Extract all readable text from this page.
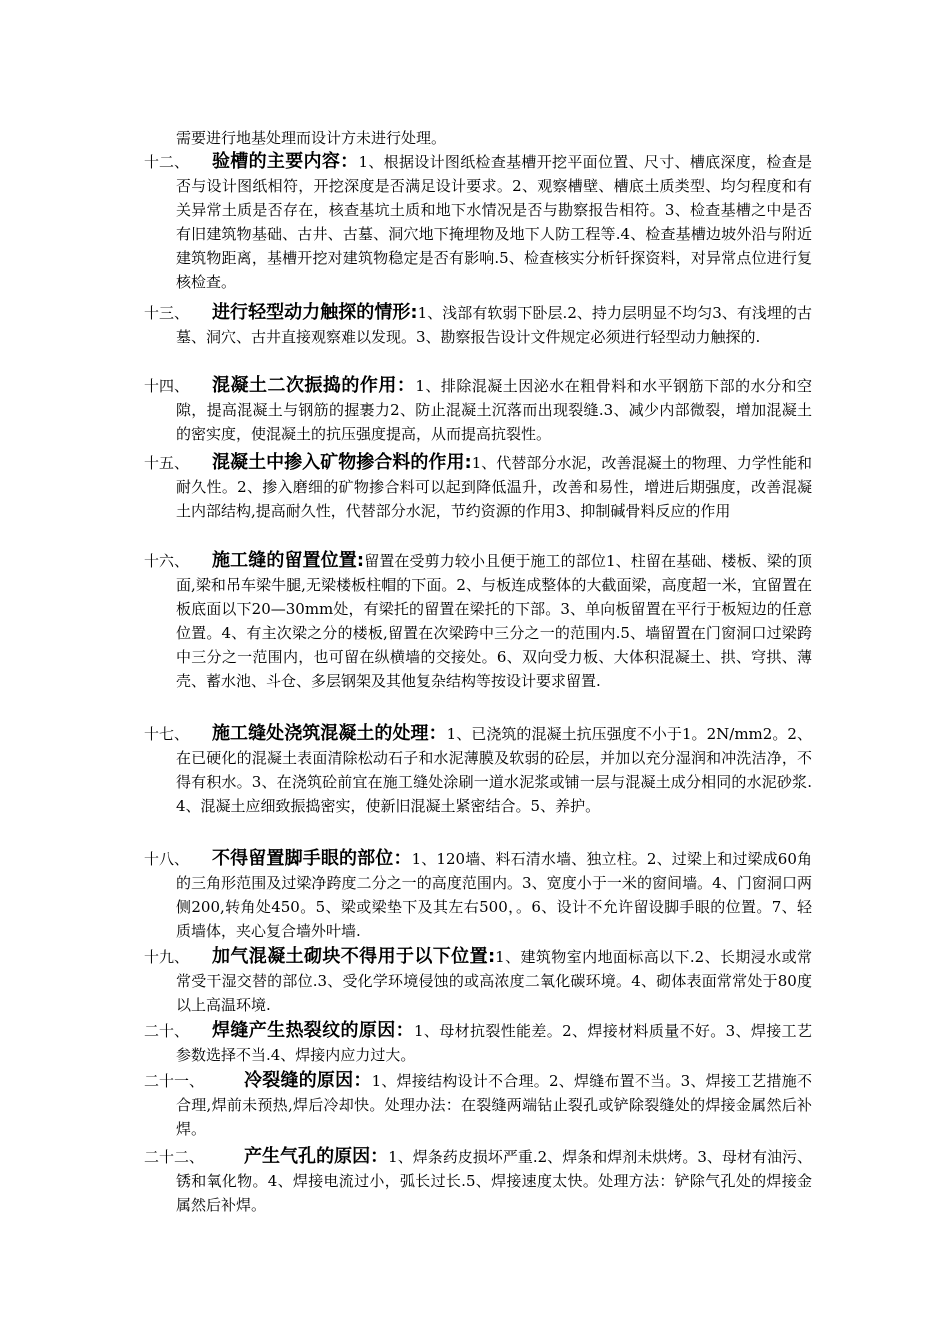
需要进行地基处理而设计方未进行处理。
十二、	验槽的主要内容：1、根据设计图纸检查基槽开挖平面位置、尺寸、槽底深度，检查是否与设计图纸相符，开挖深度是否满足设计要求。2、观察槽壁、槽底土质类型、均匀程度和有关异常土质是否存在，核查基坑土质和地下水情况是否与勘察报告相符。3、检查基槽之中是否有旧建筑物基础、古井、古墓、洞穴地下掩埋物及地下人防工程等.4、检查基槽边坡外沿与附近建筑物距离，基槽开挖对建筑物稳定是否有影响.5、检查核实分析钎探资料，对异常点位进行复核检查。
十三、	进行轻型动力触探的情形:1、浅部有软弱下卧层.2、持力层明显不均匀3、有浅埋的古墓、洞穴、古井直接观察难以发现。3、勘察报告设计文件规定必须进行轻型动力触探的.
十四、	混凝土二次振捣的作用：1、排除混凝土因泌水在粗骨料和水平钢筋下部的水分和空隙，提高混凝土与钢筋的握裹力2、防止混凝土沉落而出现裂缝.3、减少内部微裂，增加混凝土的密实度，使混凝土的抗压强度提高，从而提高抗裂性。
十五、	混凝土中掺入矿物掺合料的作用:1、代替部分水泥，改善混凝土的物理、力学性能和耐久性。2、掺入磨细的矿物掺合料可以起到降低温升，改善和易性，增进后期强度，改善混凝土内部结构,提高耐久性，代替部分水泥，节约资源的作用3、抑制碱骨料反应的作用
十六、	施工缝的留置位置:留置在受剪力较小且便于施工的部位1、柱留在基础、楼板、梁的顶面,梁和吊车梁牛腿,无梁楼板柱帽的下面。2、与板连成整体的大截面梁，高度超一米，宜留置在板底面以下20—30mm处，有梁托的留置在梁托的下部。3、单向板留置在平行于板短边的任意位置。4、有主次梁之分的楼板,留置在次梁跨中三分之一的范围内.5、墙留置在门窗洞口过梁跨中三分之一范围内，也可留在纵横墙的交接处。6、双向受力板、大体积混凝土、拱、穹拱、薄壳、蓄水池、斗仓、多层钢架及其他复杂结构等按设计要求留置.
十七、	施工缝处浇筑混凝土的处理：1、已浇筑的混凝土抗压强度不小于1。2N/mm2。2、在已硬化的混凝土表面清除松动石子和水泥薄膜及软弱的砼层，并加以充分湿润和冲洗洁净，不得有积水。3、在浇筑砼前宜在施工缝处涂刷一道水泥浆或铺一层与混凝土成分相同的水泥砂浆.4、混凝土应细致振捣密实，使新旧混凝土紧密结合。5、养护。
十八、	不得留置脚手眼的部位：1、120墙、料石清水墙、独立柱。2、过梁上和过梁成60角的三角形范围及过梁净跨度二分之一的高度范围内。3、宽度小于一米的窗间墙。4、门窗洞口两侧200,转角处450。5、梁或梁垫下及其左右500，。6、设计不允许留设脚手眼的位置。7、轻质墙体，夹心复合墙外叶墙.
十九、	加气混凝土砌块不得用于以下位置:1、建筑物室内地面标高以下.2、长期浸水或常常受干湿交替的部位.3、受化学环境侵蚀的或高浓度二氧化碳环境。4、砌体表面常常处于80度以上高温环境.
二十、	焊缝产生热裂纹的原因：1、母材抗裂性能差。2、焊接材料质量不好。3、焊接工艺参数选择不当.4、焊接内应力过大。
二十一、	冷裂缝的原因：1、焊接结构设计不合理。2、焊缝布置不当。3、焊接工艺措施不合理,焊前未预热,焊后冷却快。处理办法：在裂缝两端钻止裂孔或铲除裂缝处的焊接金属然后补焊。
二十二、	产生气孔的原因：1、焊条药皮损坏严重.2、焊条和焊剂未烘烤。3、母材有油污、锈和氧化物。4、焊接电流过小，弧长过长.5、焊接速度太快。处理方法：铲除气孔处的焊接金属然后补焊。
